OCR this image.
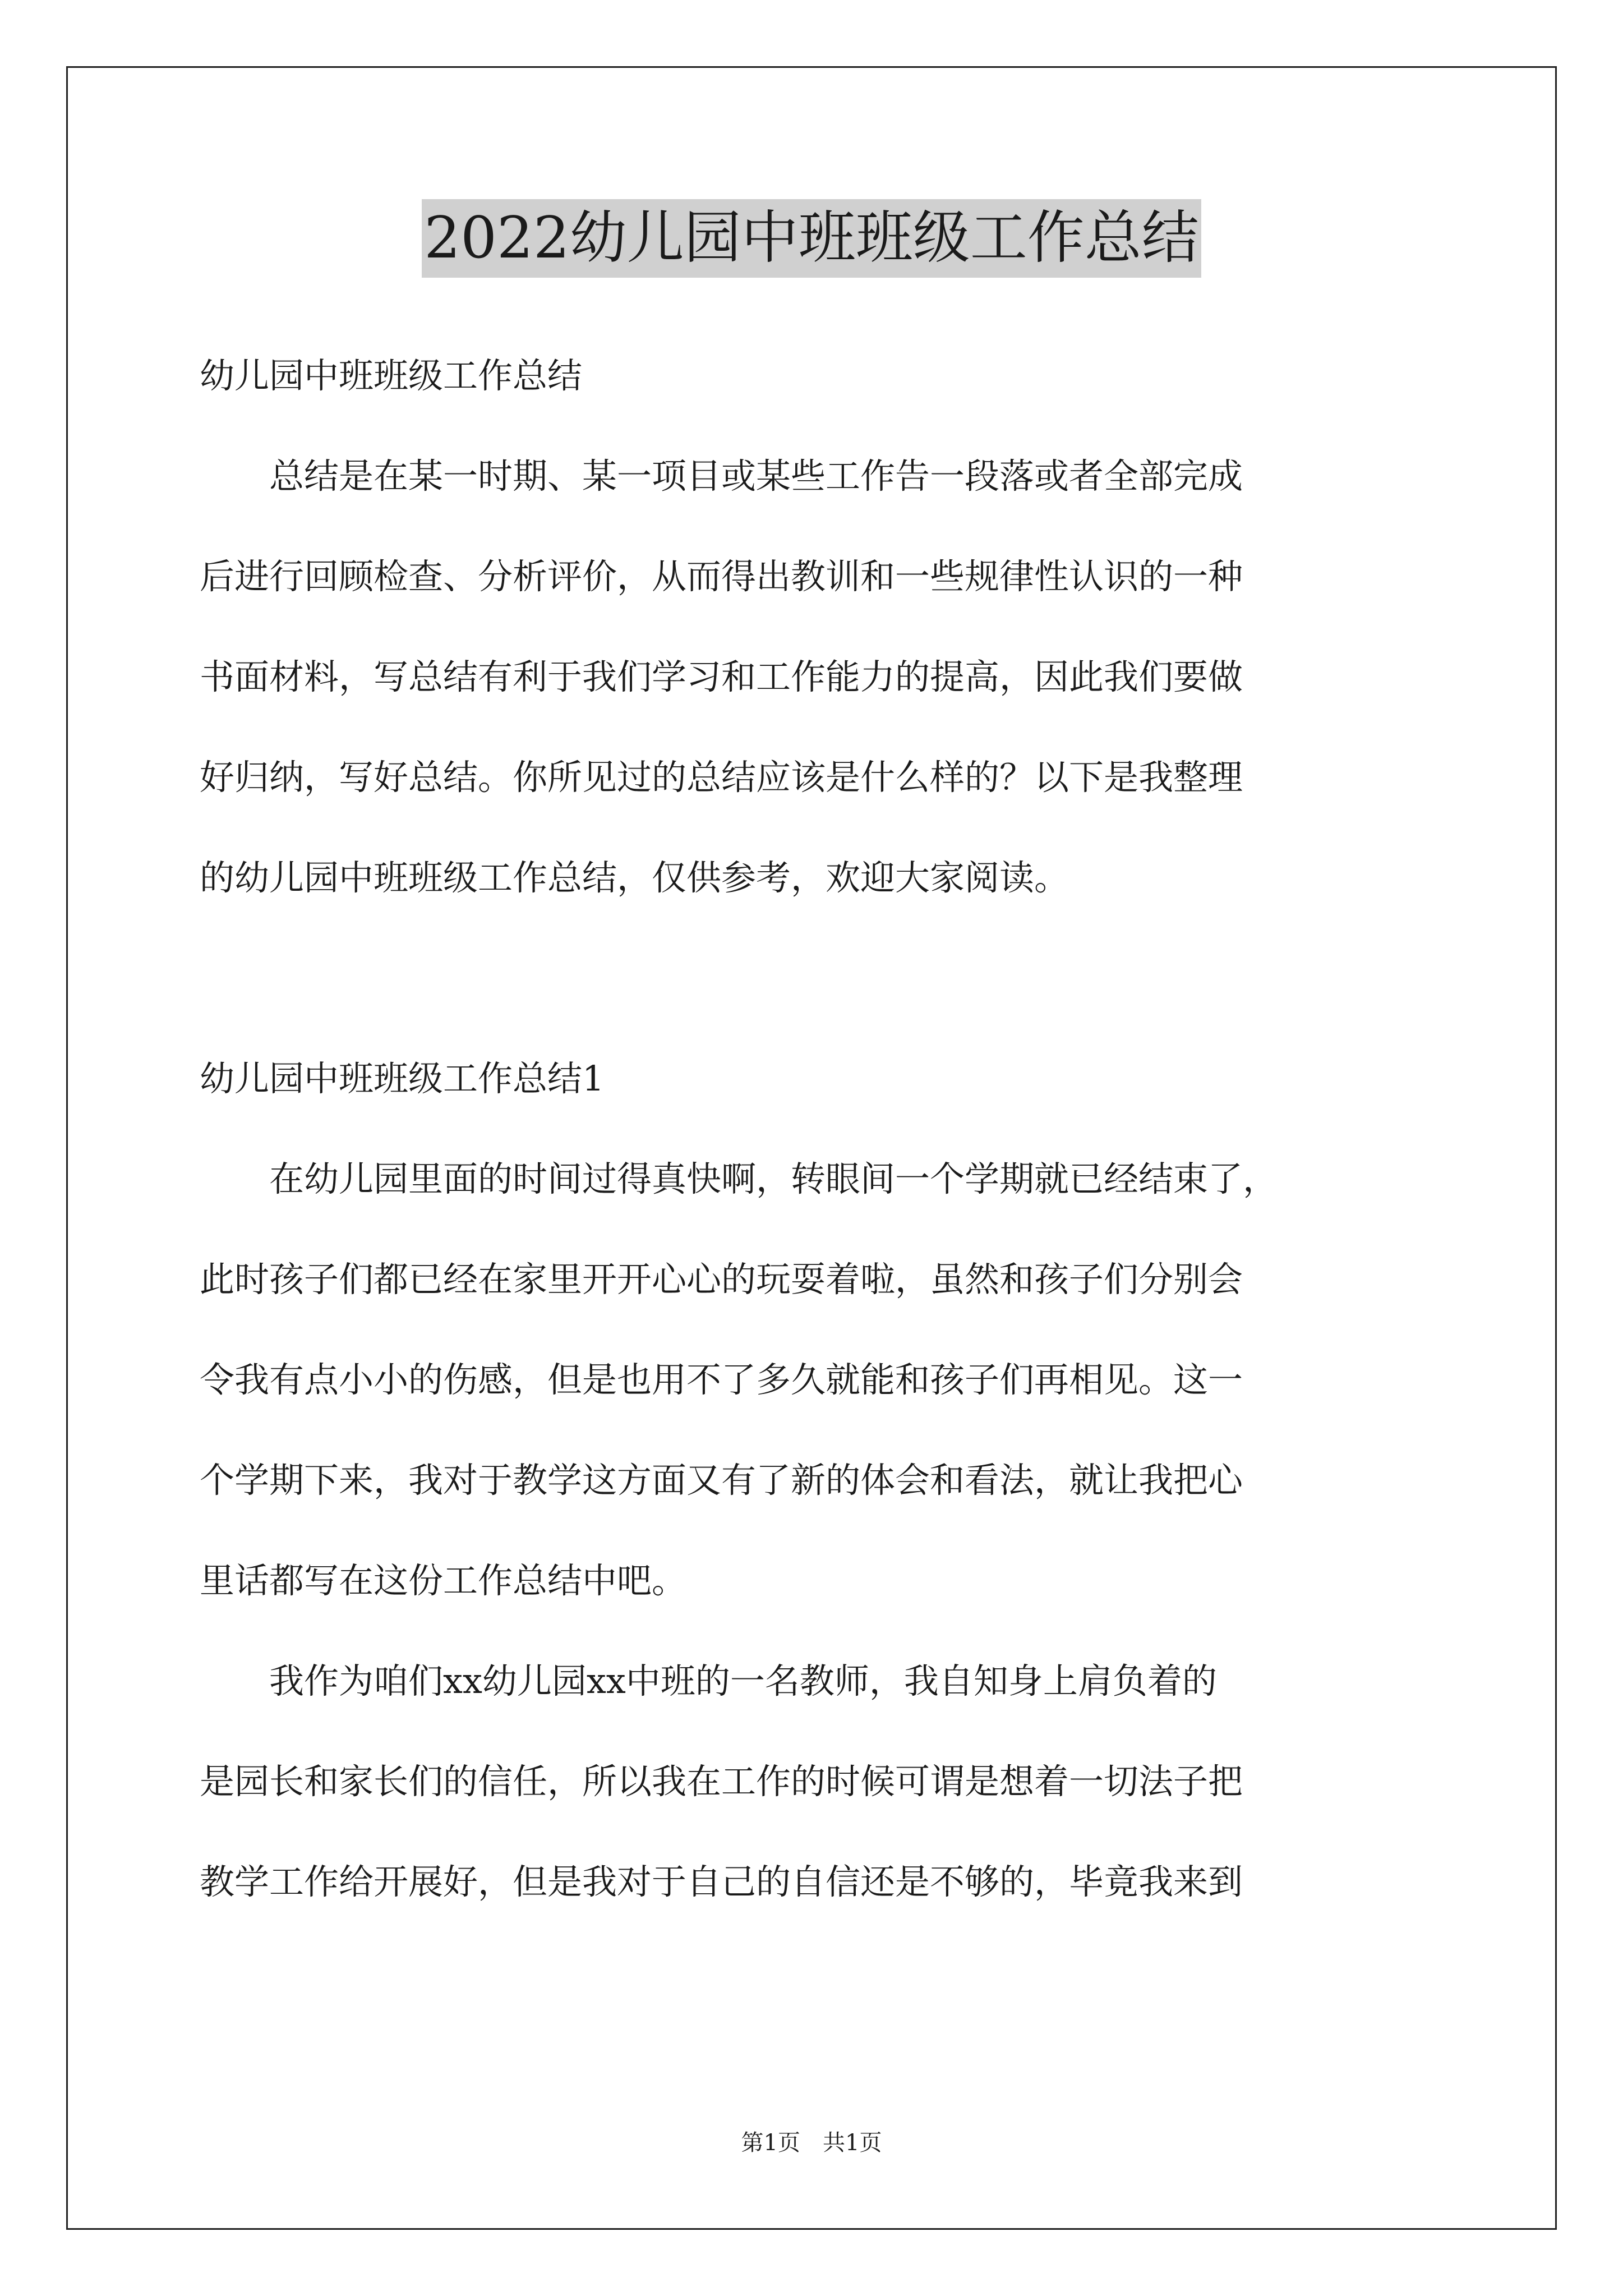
2022幼儿园中班班级工作总结
幼儿园中班班级工作总结
　　总结是在某一时期、某一项目或某些工作告一段落或者全部完成
后进行回顾检查、分析评价，从而得出教训和一些规律性认识的一种
书面材料，写总结有利于我们学习和工作能力的提高，因此我们要做
好归纳，写好总结。你所见过的总结应该是什么样的？以下是我整理
的幼儿园中班班级工作总结，仅供参考，欢迎大家阅读。
幼儿园中班班级工作总结1
　　在幼儿园里面的时间过得真快啊，转眼间一个学期就已经结束了，
此时孩子们都已经在家里开开心心的玩耍着啦，虽然和孩子们分别会
令我有点小小的伤感，但是也用不了多久就能和孩子们再相见。这一
个学期下来，我对于教学这方面又有了新的体会和看法，就让我把心
里话都写在这份工作总结中吧。
　　我作为咱们xx幼儿园xx中班的一名教师，我自知身上肩负着的
是园长和家长们的信任，所以我在工作的时候可谓是想着一切法子把
教学工作给开展好，但是我对于自己的自信还是不够的，毕竟我来到
第1页　共1页
